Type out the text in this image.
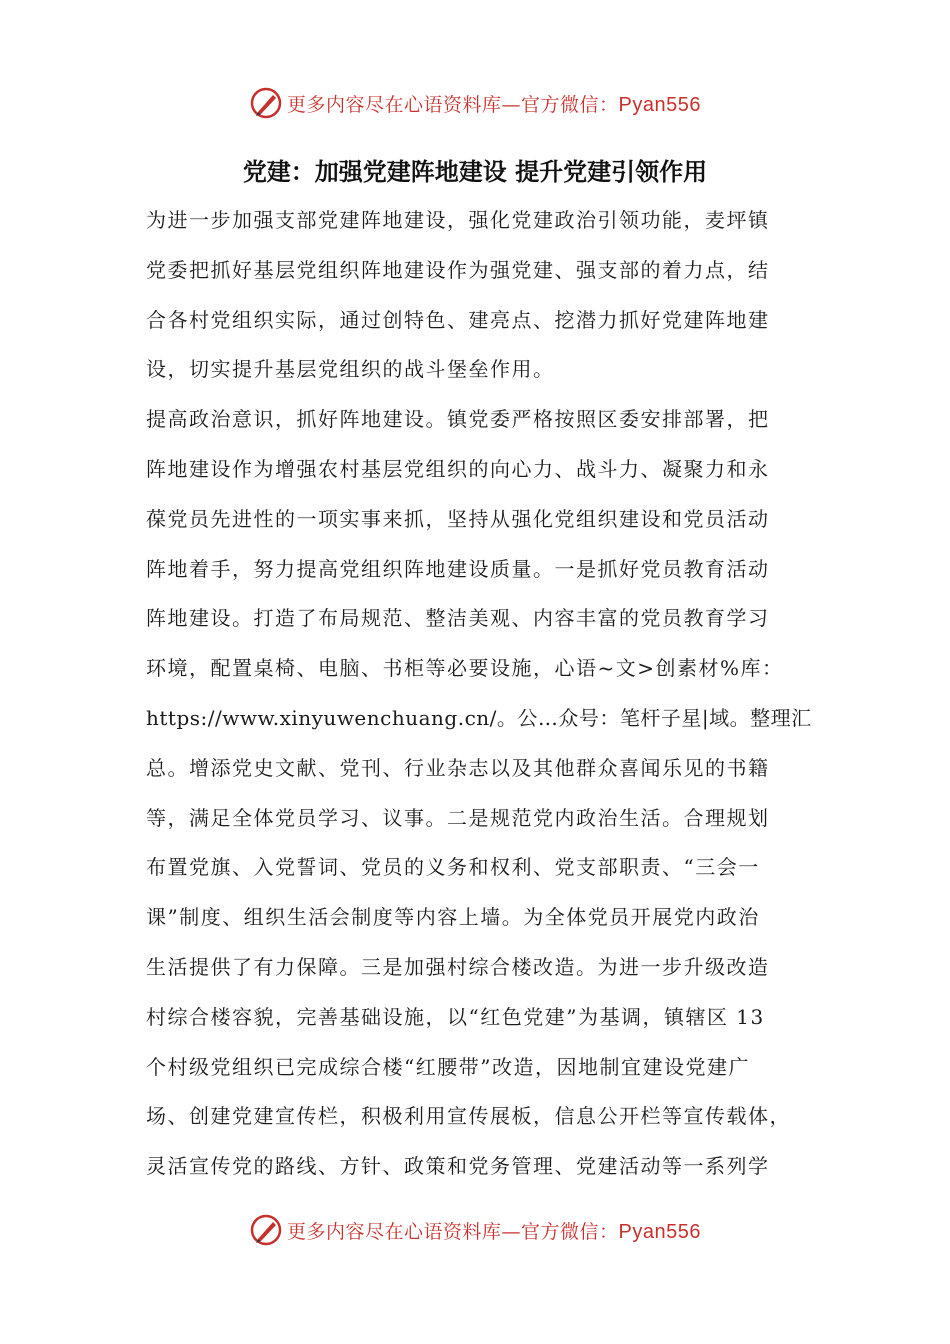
更多内容尽在心语资料库—官方微信：Pyan556
党建：加强党建阵地建设 提升党建引领作用
为进一步加强支部党建阵地建设，强化党建政治引领功能，麦坪镇
党委把抓好基层党组织阵地建设作为强党建、强支部的着力点，结
合各村党组织实际，通过创特色、建亮点、挖潜力抓好党建阵地建
设，切实提升基层党组织的战斗堡垒作用。
提高政治意识，抓好阵地建设。镇党委严格按照区委安排部署，把
阵地建设作为增强农村基层党组织的向心力、战斗力、凝聚力和永
葆党员先进性的一项实事来抓，坚持从强化党组织建设和党员活动
阵地着手，努力提高党组织阵地建设质量。一是抓好党员教育活动
阵地建设。打造了布局规范、整洁美观、内容丰富的党员教育学习
环境，配置桌椅、电脑、书柜等必要设施，心语~文>创素材%库：
https://www.xinyuwenchuang.cn/。公…众号：笔杆子星|域。整理汇
总。增添党史文献、党刊、行业杂志以及其他群众喜闻乐见的书籍
等，满足全体党员学习、议事。二是规范党内政治生活。合理规划
布置党旗、入党誓词、党员的义务和权利、党支部职责、“三会一
课”制度、组织生活会制度等内容上墙。为全体党员开展党内政治
生活提供了有力保障。三是加强村综合楼改造。为进一步升级改造
村综合楼容貌，完善基础设施，以“红色党建”为基调，镇辖区 13
个村级党组织已完成综合楼“红腰带”改造，因地制宜建设党建广
场、创建党建宣传栏，积极利用宣传展板，信息公开栏等宣传载体，
灵活宣传党的路线、方针、政策和党务管理、党建活动等一系列学
更多内容尽在心语资料库—官方微信：Pyan556
